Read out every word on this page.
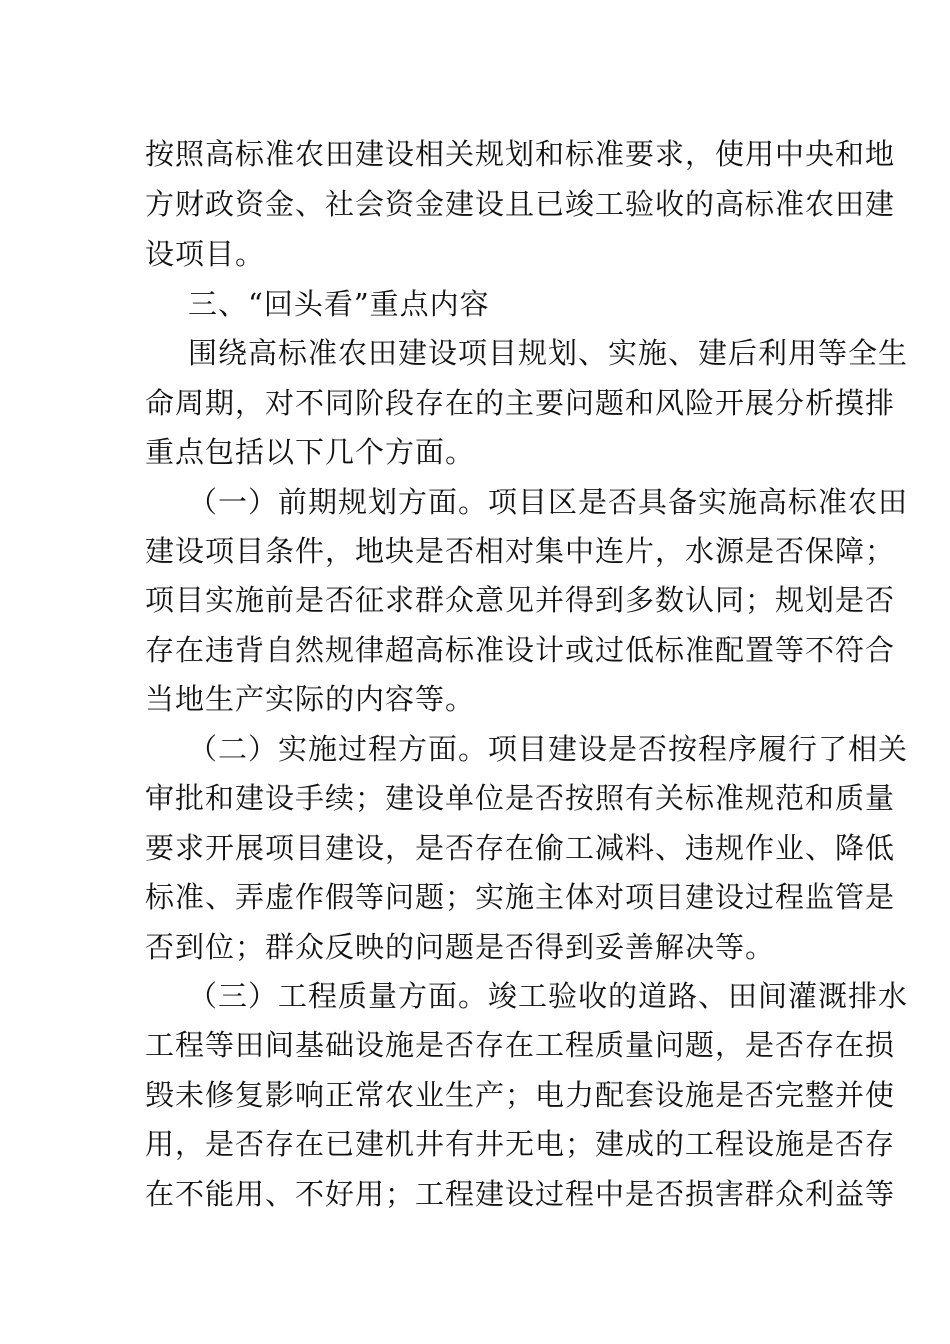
按照高标准农田建设相关规划和标准要求，使用中央和地
方财政资金、社会资金建设且已竣工验收的高标准农田建
设项目。
三、“回头看”重点内容
围绕高标准农田建设项目规划、实施、建后利用等全生
命周期，对不同阶段存在的主要问题和风险开展分析摸排
重点包括以下几个方面。
（一）前期规划方面。项目区是否具备实施高标准农田
建设项目条件，地块是否相对集中连片，水源是否保障；
项目实施前是否征求群众意见并得到多数认同；规划是否
存在违背自然规律超高标准设计或过低标准配置等不符合
当地生产实际的内容等。
（二）实施过程方面。项目建设是否按程序履行了相关
审批和建设手续；建设单位是否按照有关标准规范和质量
要求开展项目建设，是否存在偷工减料、违规作业、降低
标准、弄虚作假等问题；实施主体对项目建设过程监管是
否到位；群众反映的问题是否得到妥善解决等。
（三）工程质量方面。竣工验收的道路、田间灌溉排水
工程等田间基础设施是否存在工程质量问题，是否存在损
毁未修复影响正常农业生产；电力配套设施是否完整并使
用，是否存在已建机井有井无电；建成的工程设施是否存
在不能用、不好用；工程建设过程中是否损害群众利益等
